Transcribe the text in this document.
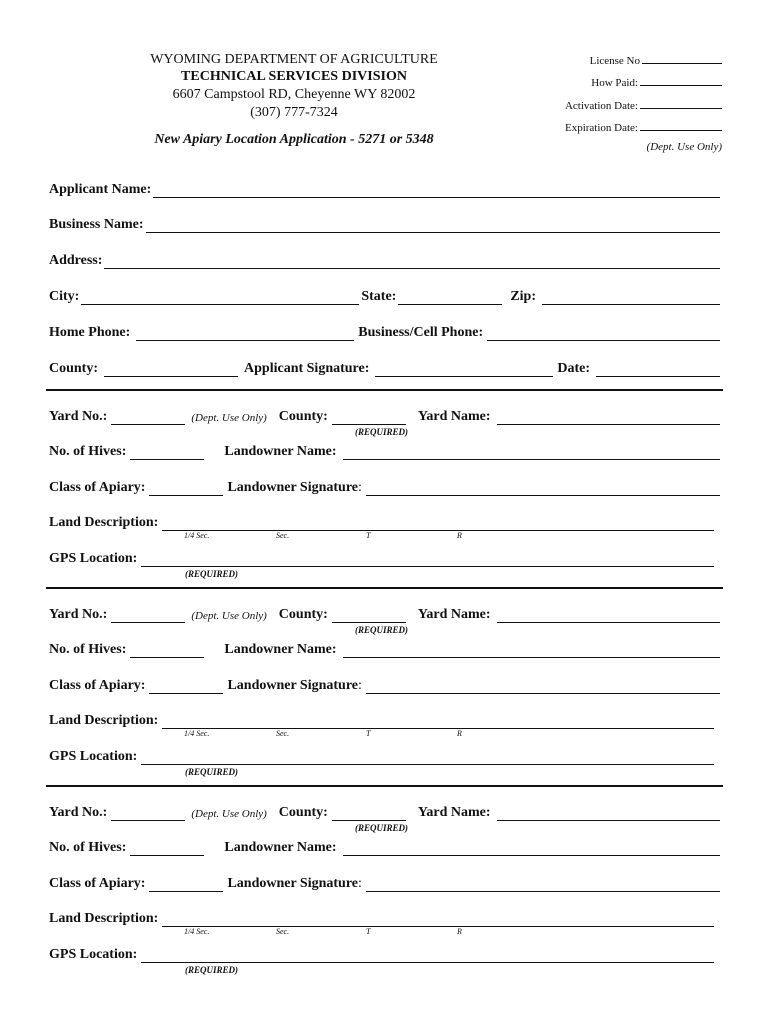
WYOMING DEPARTMENT OF AGRICULTURE
TECHNICAL SERVICES DIVISION
6607 Campstool RD, Cheyenne WY 82002
(307) 777-7324
New Apiary Location Application - 5271 or 5348
License No
How Paid:
Activation Date:
Expiration Date:
(Dept. Use Only)
Applicant Name:
Business Name:
Address:
City:	State:	Zip:
Home Phone:	Business/Cell Phone:
County:	Applicant Signature:	Date:
Yard No.:	(Dept. Use Only) County:	Yard Name:
(REQUIRED)
No. of Hives:	Landowner Name:
Class of Apiary:	Landowner Signature :
Land Description:
1/4 Sec.	Sec.	T	R
GPS Location:
(REQUIRED)
Yard No.:	(Dept. Use Only) County:	Yard Name:
(REQUIRED)
No. of Hives:	Landowner Name:
Class of Apiary:	Landowner Signature :
Land Description:
1/4 Sec.	Sec.	T	R
GPS Location:
(REQUIRED)
Yard No.:	(Dept. Use Only) County:	Yard Name:
(REQUIRED)
No. of Hives:	Landowner Name:
Class of Apiary:	Landowner Signature :
Land Description:
1/4 Sec.	Sec.	T	R
GPS Location:
(REQUIRED)
